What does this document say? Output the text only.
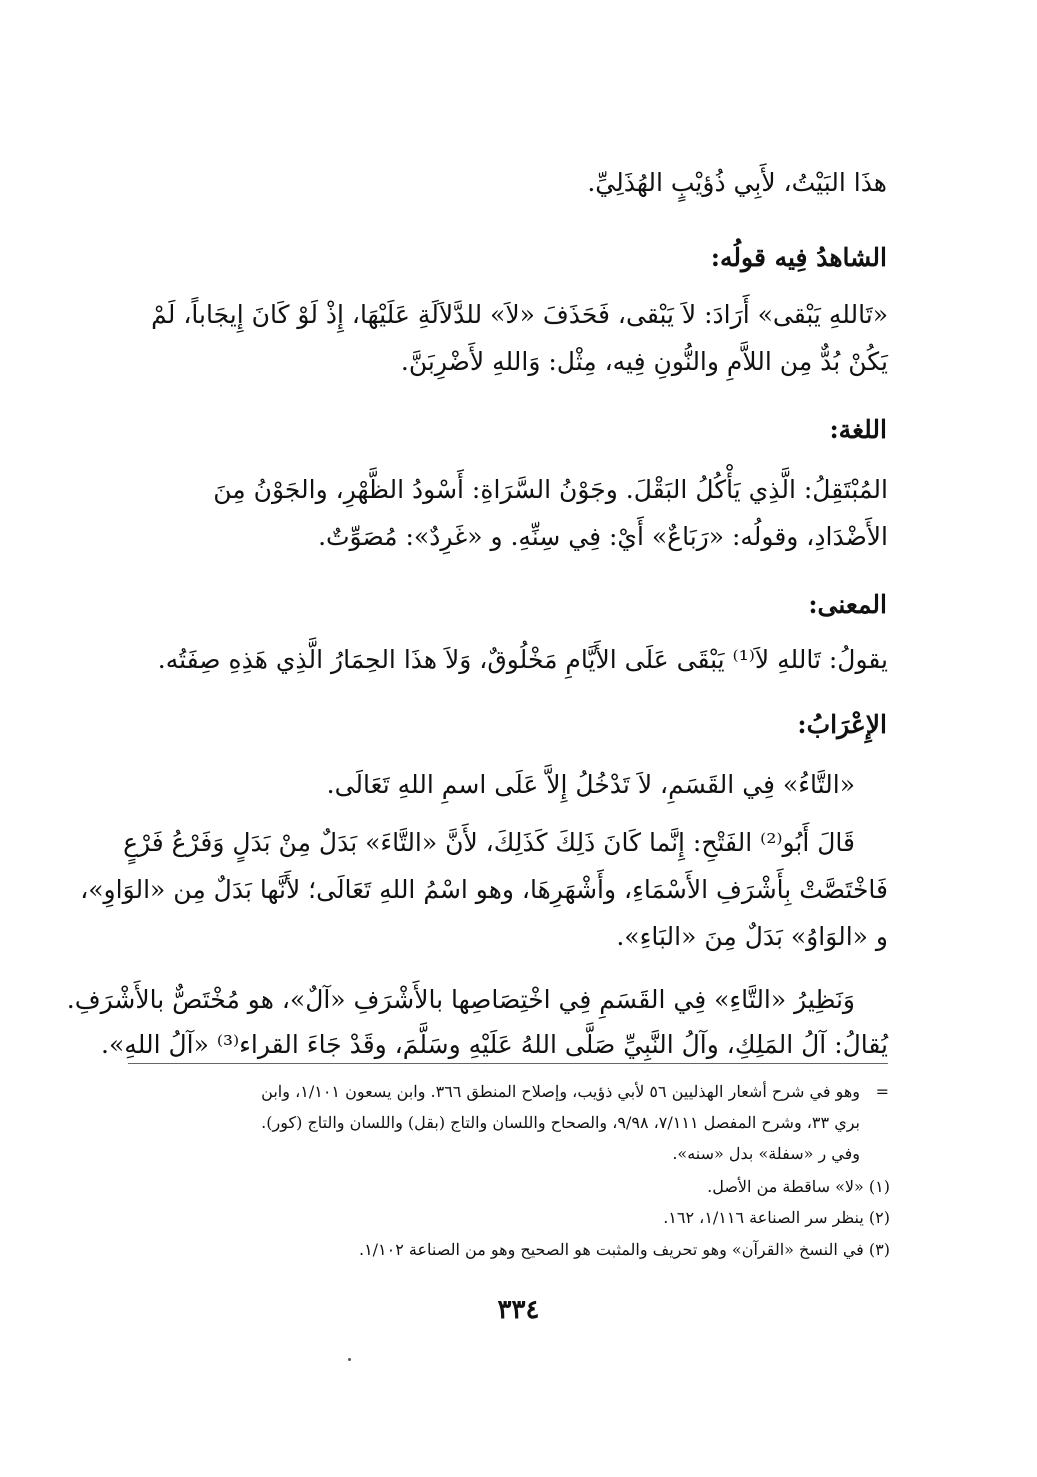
هذَا البَيْتُ، لأَبِي ذُؤيْبٍ الهُذَلِيِّ.
الشاهدُ فِيه قولُه:
«تَاللهِ يَبْقى» أَرَادَ: لاَ يَبْقى، فَحَذَفَ «لاَ» للدَّلاَلَةِ عَلَيْهَا، إِذْ لَوْ كَانَ إِيجَاباً، لَمْ
يَكُنْ بُدٌّ مِن اللاَّمِ والنُّونِ فِيه، مِثْل: وَاللهِ لأَضْرِبَنَّ.
اللغة:
المُبْتَقِلُ: الَّذِي يَأْكُلُ البَقْلَ. وجَوْنُ السَّرَاةِ: أَسْودُ الظَّهْرِ، والجَوْنُ مِنَ
الأَضْدَادِ، وقولُه: «رَبَاعٌ» أَيْ: فِي سِنِّهِ. و «غَرِدٌ»: مُصَوِّتٌ.
المعنى:
يقولُ: تَاللهِ لاَ⁽¹⁾ يَبْقَى عَلَى الأَيَّامِ مَخْلُوقٌ، وَلاَ هذَا الحِمَارُ الَّذِي هَذِهِ صِفَتُه.
الإِعْرَابُ:
«التَّاءُ» فِي القَسَمِ، لاَ تَدْخُلُ إِلاَّ عَلَى اسمِ اللهِ تَعَالَى.
قَالَ أَبُو⁽²⁾ الفَتْحِ: إِنَّما كَانَ ذَلِكَ كَذَلِكَ، لأَنَّ «التَّاءَ» بَدَلٌ مِنْ بَدَلٍ وَفَرْعُ فَرْعٍ
فَاخْتَصَّتْ بِأَشْرَفِ الأَسْمَاءِ، وأَشْهَرِهَا، وهو اسْمُ اللهِ تَعَالَى؛ لأَنَّها بَدَلٌ مِن «الوَاوِ»،
و «الوَاوُ» بَدَلٌ مِنَ «البَاءِ».
وَنَظِيرُ «التَّاءِ» فِي القَسَمِ فِي اخْتِصَاصِها بالأَشْرَفِ «آلٌ»، هو مُخْتَصٌّ بالأَشْرَفِ.
يُقالُ: آلُ المَلِكِ، وآلُ النَّبِيِّ صَلَّى اللهُ عَلَيْهِ وسَلَّمَ، وقَدْ جَاءَ القراء⁽³⁾ «آلُ اللهِ».
=
وهو في شرح أشعار الهذليين ٥٦ لأبي ذؤيب، وإصلاح المنطق ٣٦٦. وابن يسعون ١/١٠١، وابن
بري ٣٣، وشرح المفصل ٧/١١١، ٩/٩٨، والصحاح واللسان والتاج (بقل) واللسان والتاج (كور).
وفي ر «سفلة» بدل «سنه».
(١) «لا» ساقطة من الأصل.
(٢) ينظر سر الصناعة ١/١١٦، ١٦٢.
(٣) في النسخ «القرآن» وهو تحريف والمثبت هو الصحيح وهو من الصناعة ١/١٠٢.
٣٣٤
